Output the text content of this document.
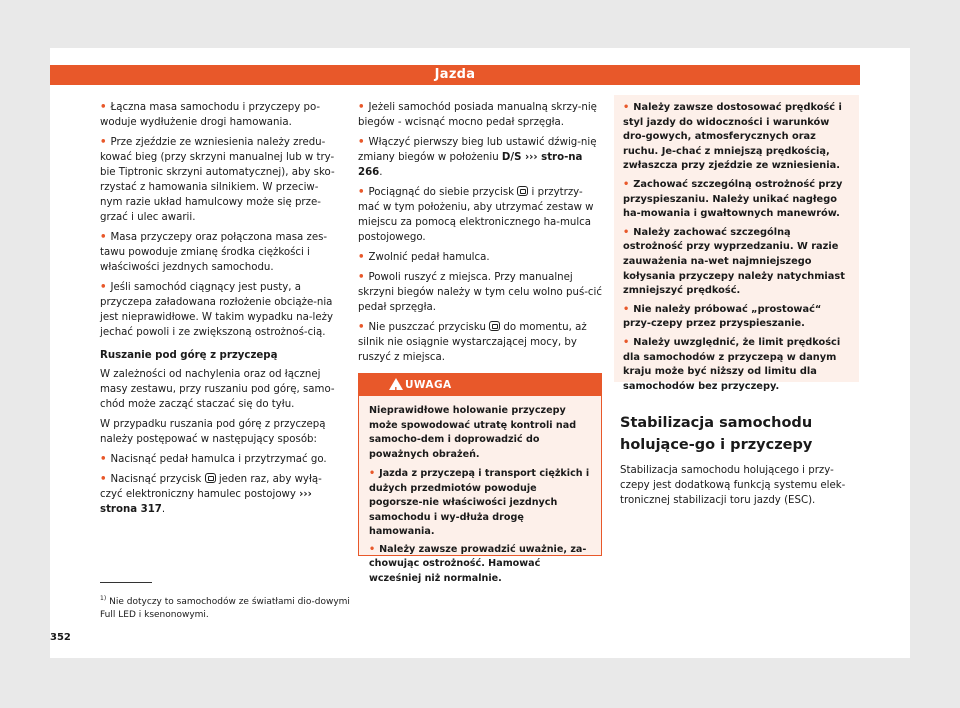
Jazda
• Łączna masa samochodu i przyczepy po-woduje wydłużenie drogi hamowania.
• Prze zjeździe ze wzniesienia należy zredu-kować bieg (przy skrzyni manualnej lub w try-bie Tiptronic skrzyni automatycznej), aby sko-rzystać z hamowania silnikiem. W przeciw-nym razie układ hamulcowy może się prze-grzać i ulec awarii.
• Masa przyczepy oraz połączona masa zes-tawu powoduje zmianę środka ciężkości i właściwości jezdnych samochodu.
• Jeśli samochód ciągnący jest pusty, a przyczepa załadowana rozłożenie obciąże-nia jest nieprawidłowe. W takim wypadku na-leży jechać powoli i ze zwiększoną ostrożnoś-cią.
Ruszanie pod górę z przyczepą
W zależności od nachylenia oraz od łącznej masy zestawu, przy ruszaniu pod górę, samo-chód może zacząć staczać się do tyłu.
W przypadku ruszania pod górę z przyczepą należy postępować w następujący sposób:
• Nacisnąć pedał hamulca i przytrzymać go.
• Nacisnąć przycisk jeden raz, aby wyłą-czyć elektroniczny hamulec postojowy ››› strona 317.
• Jeżeli samochód posiada manualną skrzy-nię biegów - wcisnąć mocno pedał sprzęgła.
• Włączyć pierwszy bieg lub ustawić dźwig-nię zmiany biegów w położeniu D/S ››› stro-na 266.
• Pociągnąć do siebie przycisk i przytrzy-mać w tym położeniu, aby utrzymać zestaw w miejscu za pomocą elektronicznego ha-mulca postojowego.
• Zwolnić pedał hamulca.
• Powoli ruszyć z miejsca. Przy manualnej skrzyni biegów należy w tym celu wolno puś-cić pedał sprzęgła.
• Nie puszczać przycisku do momentu, aż silnik nie osiągnie wystarczającej mocy, by ruszyć z miejsca.
!
UWAGA
Nieprawidłowe holowanie przyczepy może spowodować utratę kontroli nad samocho-dem i doprowadzić do poważnych obrażeń.
• Jazda z przyczepą i transport ciężkich i dużych przedmiotów powoduje pogorsze-nie właściwości jezdnych samochodu i wy-dłuża drogę hamowania.
• Należy zawsze prowadzić uważnie, za-chowując ostrożność. Hamować wcześniej niż normalnie.
• Należy zawsze dostosować prędkość i styl jazdy do widoczności i warunków dro-gowych, atmosferycznych oraz ruchu. Je-chać z mniejszą prędkością, zwłaszcza przy zjeździe ze wzniesienia.
• Zachować szczególną ostrożność przy przyspieszaniu. Należy unikać nagłego ha-mowania i gwałtownych manewrów.
• Należy zachować szczególną ostrożność przy wyprzedzaniu. W razie zauważenia na-wet najmniejszego kołysania przyczepy należy natychmiast zmniejszyć prędkość.
• Nie należy próbować „prostować“ przy-czepy przez przyspieszanie.
• Należy uwzględnić, że limit prędkości dla samochodów z przyczepą w danym kraju może być niższy od limitu dla samochodów bez przyczepy.
Stabilizacja samochodu holujące-go i przyczepy
Stabilizacja samochodu holującego i przy-czepy jest dodatkową funkcją systemu elek-tronicznej stabilizacji toru jazdy (ESC).
$^{1)}$ Nie dotyczy to samochodów ze światłami dio-dowymi Full LED i ksenonowymi.
352
